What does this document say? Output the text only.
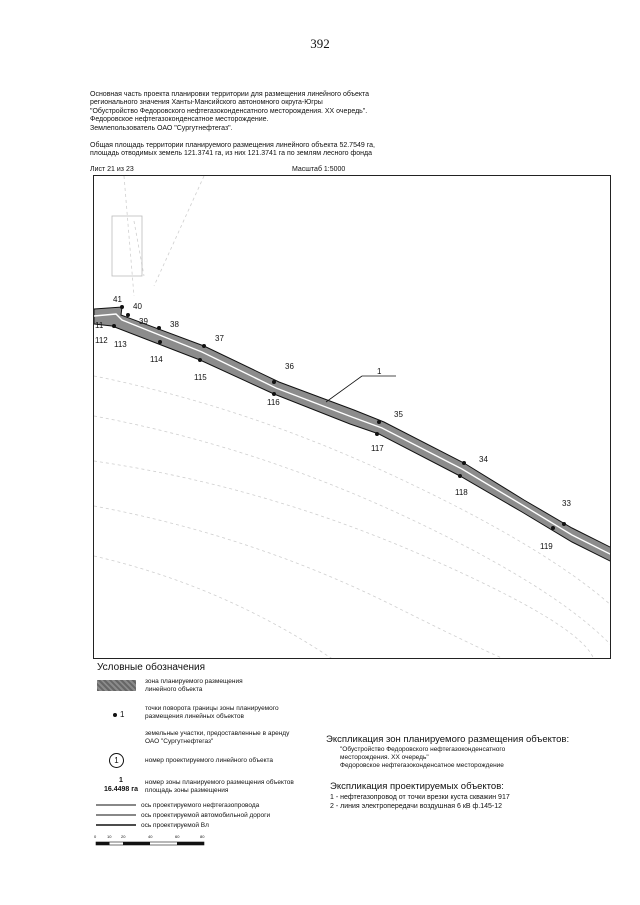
392
Основная часть проекта планировки территории для размещения линейного объекта
регионального значения Ханты-Мансийского автономного округа-Югры
"Обустройство Федоровского нефтегазоконденсатного месторождения. XX очередь".
Федоровское нефтегазоконденсатное месторождение.
Землепользователь ОАО "Сургутнефтегаз".
Общая площадь территории планируемого размещения линейного объекта 52.7549 га,
площадь отводимых земель 121.3741 га, из них 121.3741 га по землям лесного фонда
Лист 21 из 23	Масштаб 1:5000
41
40
39	38
37
36
35
34
33
11
112 113
114
115
116
117
118
119
1
Условные обозначения
зона планируемого размещения линейного объекта
1
точки поворота границы зоны планируемого размещения линейных объектов
земельные участки, предоставленные в аренду ОАО "Сургутнефтегаз"
1	номер проектируемого линейного объекта
1
16.4498 га
номер зоны планируемого размещения объектов площадь зоны размещения
ось проектируемого нефтегазопровода
ось проектируемой автомобильной дороги
ось проектируемой Вл
0	10 20	40	60	80
Экспликация зон планируемого размещения объектов:
"Обустройство Федоровского нефтегазоконденсатного
месторождения. XX очередь"
Федоровское нефтегазоконденсатное месторождение
Экспликация проектируемых объектов:
1 - нефтегазопровод от точки врезки куста скважин 917
2 - линия электропередачи воздушная 6 кВ ф.145-12
